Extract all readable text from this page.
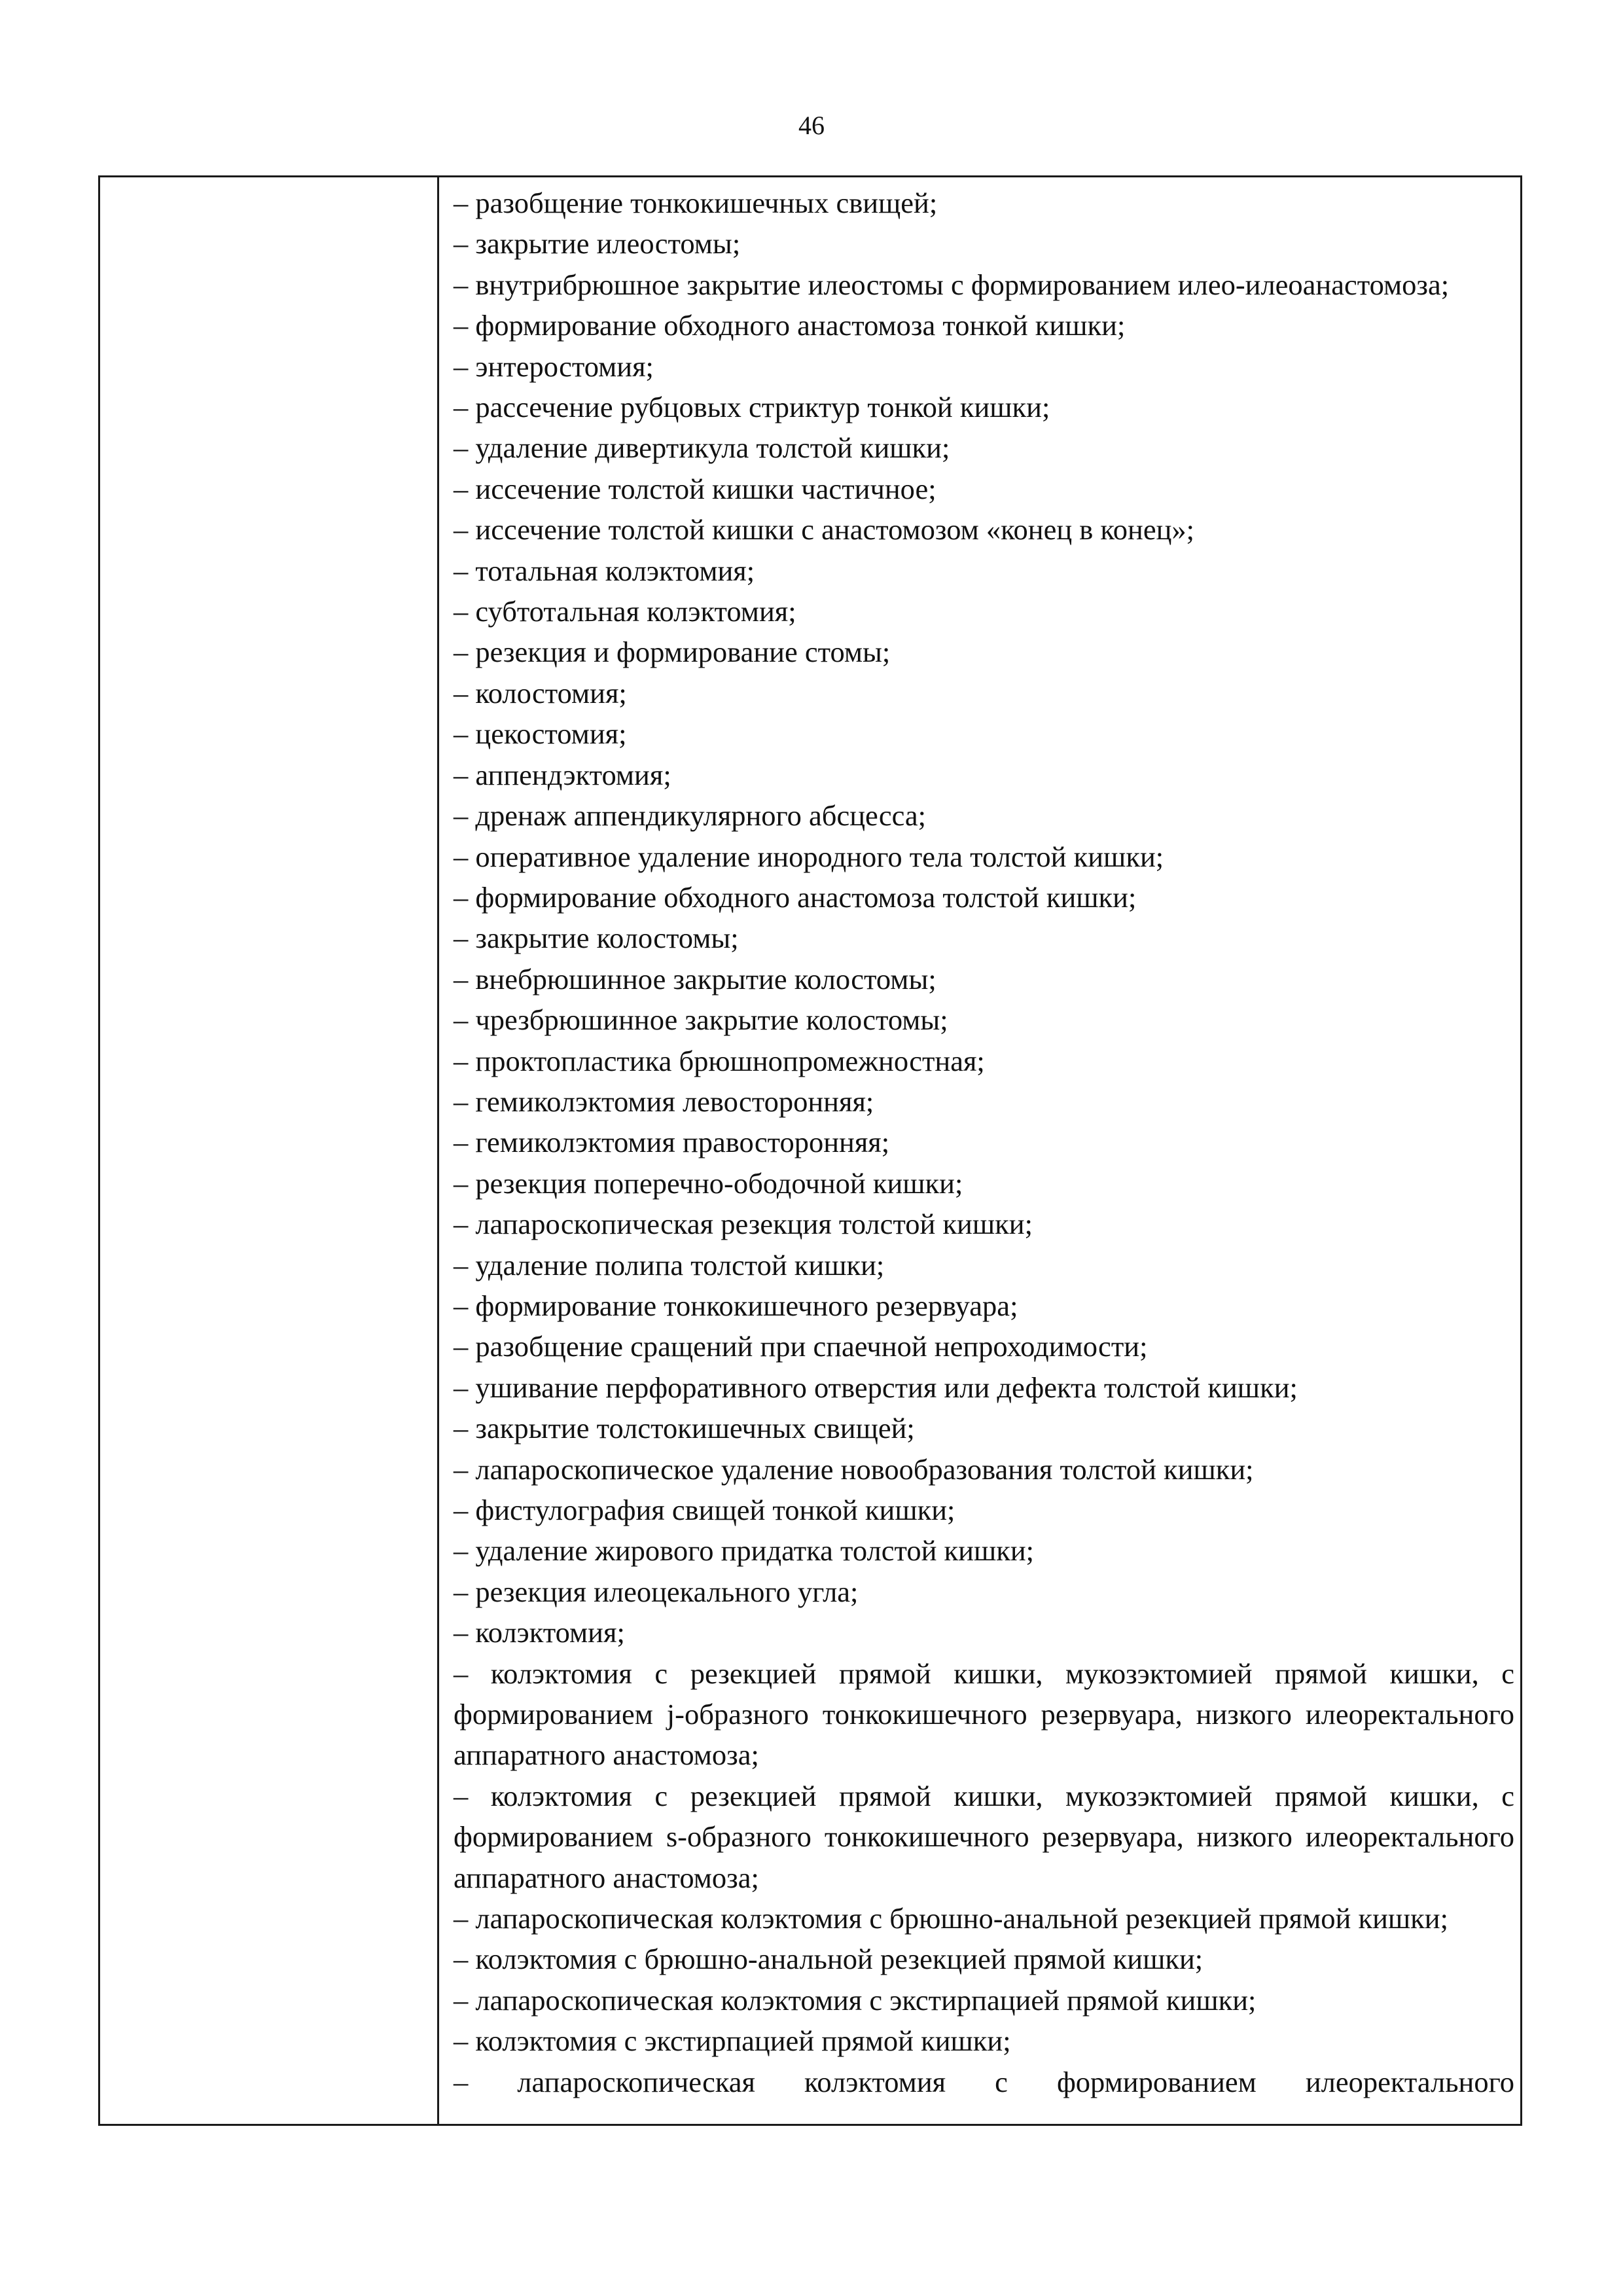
46
– разобщение тонкокишечных свищей;
– закрытие илеостомы;
– внутрибрюшное закрытие илеостомы с формированием илео-илеоанастомоза;
– формирование обходного анастомоза тонкой кишки;
– энтеростомия;
– рассечение рубцовых стриктур тонкой кишки;
– удаление дивертикула толстой кишки;
– иссечение толстой кишки частичное;
– иссечение толстой кишки с анастомозом «конец в конец»;
– тотальная колэктомия;
– субтотальная колэктомия;
– резекция и формирование стомы;
– колостомия;
– цекостомия;
– аппендэктомия;
– дренаж аппендикулярного абсцесса;
– оперативное удаление инородного тела толстой кишки;
– формирование обходного анастомоза толстой кишки;
– закрытие колостомы;
– внебрюшинное закрытие колостомы;
– чрезбрюшинное закрытие колостомы;
– проктопластика брюшнопромежностная;
– гемиколэктомия левосторонняя;
– гемиколэктомия правосторонняя;
– резекция поперечно-ободочной кишки;
– лапароскопическая резекция толстой кишки;
– удаление полипа толстой кишки;
– формирование тонкокишечного резервуара;
– разобщение сращений при спаечной непроходимости;
– ушивание перфоративного отверстия или дефекта толстой кишки;
– закрытие толстокишечных свищей;
– лапароскопическое удаление новообразования толстой кишки;
– фистулография свищей тонкой кишки;
– удаление жирового придатка толстой кишки;
– резекция илеоцекального угла;
– колэктомия;
– колэктомия с резекцией прямой кишки, мукозэктомией прямой кишки, с формированием j-образного тонкокишечного резервуара, низкого илеоректального аппаратного анастомоза;
– колэктомия с резекцией прямой кишки, мукозэктомией прямой кишки, с формированием s-образного тонкокишечного резервуара, низкого илеоректального аппаратного анастомоза;
– лапароскопическая колэктомия с брюшно-анальной резекцией прямой кишки;
– колэктомия с брюшно-анальной резекцией прямой кишки;
– лапароскопическая колэктомия с экстирпацией прямой кишки;
– колэктомия с экстирпацией прямой кишки;
– лапароскопическая колэктомия с формированием илеоректального
